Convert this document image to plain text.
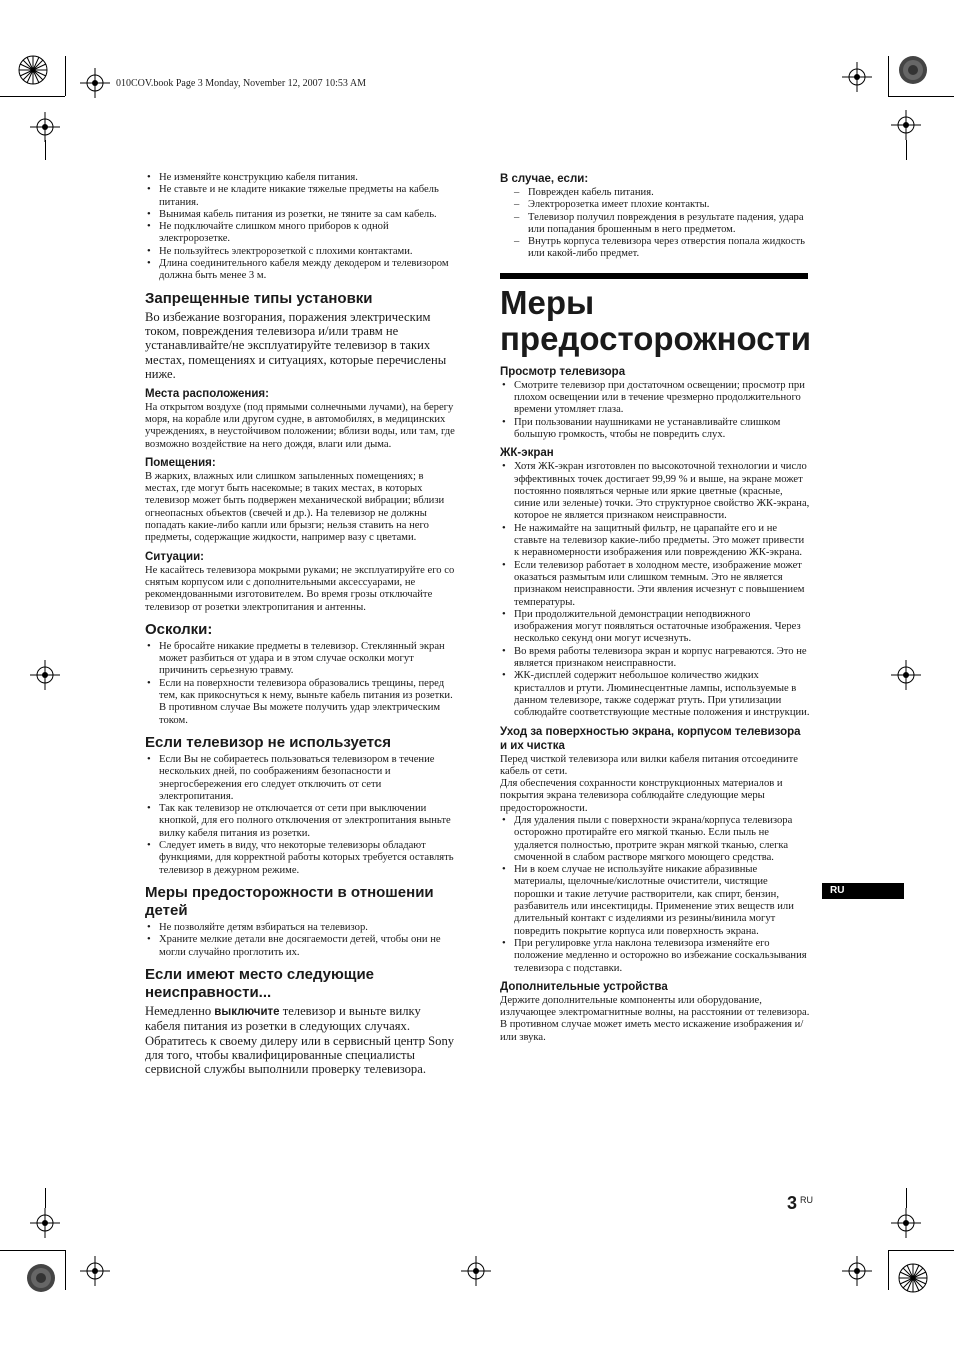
010COV.book Page 3 Monday, November 12, 2007 10:53 AM
• Не изменяйте конструкцию кабеля питания.
• Не ставьте и не кладите никакие тяжелые предметы на кабель питания.
• Вынимая кабель питания из розетки, не тяните за сам кабель.
• Не подключайте слишком много приборов к одной электророзетке.
• Не пользуйтесь электророзеткой с плохими контактами.
• Длина соединительного кабеля между декодером и телевизором должна быть менее 3 м.
Запрещенные типы установки

Во избежание возгорания, поражения электрическим током, повреждения телевизора и/или травм не устанавливайте/не эксплуатируйте телевизор в таких местах, помещениях и ситуациях, которые перечислены ниже.

Места расположения:

На открытом воздухе (под прямыми солнечными лучами), на берегу моря, на корабле или другом судне, в автомобилях, в медицинских учреждениях, в неустойчивом положении; вблизи воды, или там, где возможно воздействие на него дождя, влаги или дыма.

Помещения:

В жарких, влажных или слишком запыленных помещениях; в местах, где могут быть насекомые; в таких местах, в которых телевизор может быть подвержен механической вибрации; вблизи огнеопасных объектов (свечей и др.). На телевизор не должны попадать какие-либо капли или брызги; нельзя ставить на него предметы, содержащие жидкости, например вазу с цветами.

Ситуации:

Не касайтесь телевизора мокрыми руками; не эксплуатируйте его со снятым корпусом или с дополнительными аксессуарами, не рекомендованными изготовителем. Во время грозы отключайте телевизор от розетки электропитания и антенны.

Осколки:
• Не бросайте никакие предметы в телевизор. Стеклянный экран может разбиться от удара и в этом случае осколки могут причинить серьезную травму.
• Если на поверхности телевизора образовались трещины, перед тем, как прикоснуться к нему, выньте кабель питания из розетки. В противном случае Вы можете получить удар электрическим током.
Если телевизор не используется
• Если Вы не собираетесь пользоваться телевизором в течение нескольких дней, по соображениям безопасности и энергосбережения его следует отключить от сети электропитания.
• Так как телевизор не отключается от сети при выключении кнопкой, для его полного отключения от электропитания выньте вилку кабеля питания из розетки.
• Следует иметь в виду, что некоторые телевизоры обладают функциями, для корректной работы которых требуется оставлять телевизор в дежурном режиме.
Меры предосторожности в отношении детей
• Не позволяйте детям взбираться на телевизор.
• Храните мелкие детали вне досягаемости детей, чтобы они не могли случайно проглотить их.
Если имеют место следующие неисправности...

Немедленно выключите телевизор и выньте вилку кабеля питания из розетки в следующих случаях. Обратитесь к своему дилеру или в сервисный центр Sony для того, чтобы квалифицированные специалисты сервисной службы выполнили проверку телевизора.

В случае, если:
– Поврежден кабель питания.
– Электророзетка имеет плохие контакты.
– Телевизор получил повреждения в результате падения, удара или попадания брошенным в него предметом.
– Внутрь корпуса телевизора через отверстия попала жидкость или какой-либо предмет.
Меры предосторожности
Просмотр телевизора
• Смотрите телевизор при достаточном освещении; просмотр при плохом освещении или в течение чрезмерно продолжительного времени утомляет глаза.
• При пользовании наушниками не устанавливайте слишком большую громкость, чтобы не повредить слух.
ЖК-экран
• Хотя ЖК-экран изготовлен по высокоточной технологии и число эффективных точек достигает 99,99 % и выше, на экране может постоянно появляться черные или яркие цветные (красные, синие или зеленые) точки. Это структурное свойство ЖК-экрана, которое не является признаком неисправности.
• Не нажимайте на защитный фильтр, не царапайте его и не ставьте на телевизор какие-либо предметы. Это может привести к неравномерности изображения или повреждению ЖК-экрана.
• Если телевизор работает в холодном месте, изображение может оказаться размытым или слишком темным. Это не является признаком неисправности. Эти явления исчезнут с повышением температуры.
• При продолжительной демонстрации неподвижного изображения могут появляться остаточные изображения. Через несколько секунд они могут исчезнуть.
• Во время работы телевизора экран и корпус нагреваются. Это не является признаком неисправности.
• ЖК-дисплей содержит небольшое количество жидких кристаллов и ртути. Люминесцентные лампы, используемые в данном телевизоре, также содержат ртуть. При утилизации соблюдайте соответствующие местные положения и инструкции.
Уход за поверхностью экрана, корпусом телевизора и их чистка

Перед чисткой телевизора или вилки кабеля питания отсоедините кабель от сети.

Для обеспечения сохранности конструкционных материалов и покрытия экрана телевизора соблюдайте следующие меры предосторожности.

• Для удаления пыли с поверхности экрана/корпуса телевизора осторожно протирайте его мягкой тканью. Если пыль не удаляется полностью, протрите экран мягкой тканью, слегка смоченной в слабом растворе мягкого моющего средства.
• Ни в коем случае не используйте никакие абразивные материалы, щелочные/кислотные очистители, чистящие порошки и такие летучие растворители, как спирт, бензин, разбавитель или инсектициды. Применение этих веществ или длительный контакт с изделиями из резины/винила могут повредить покрытие корпуса или поверхность экрана.
• При регулировке угла наклона телевизора изменяйте его положение медленно и осторожно во избежание соскальзывания телевизора с подставки.
Дополнительные устройства

Держите дополнительные компоненты или оборудование, излучающее электромагнитные волны, на расстоянии от телевизора. В противном случае может иметь место искажение изображения и/или звука.

RU
3 $^{RU}$
